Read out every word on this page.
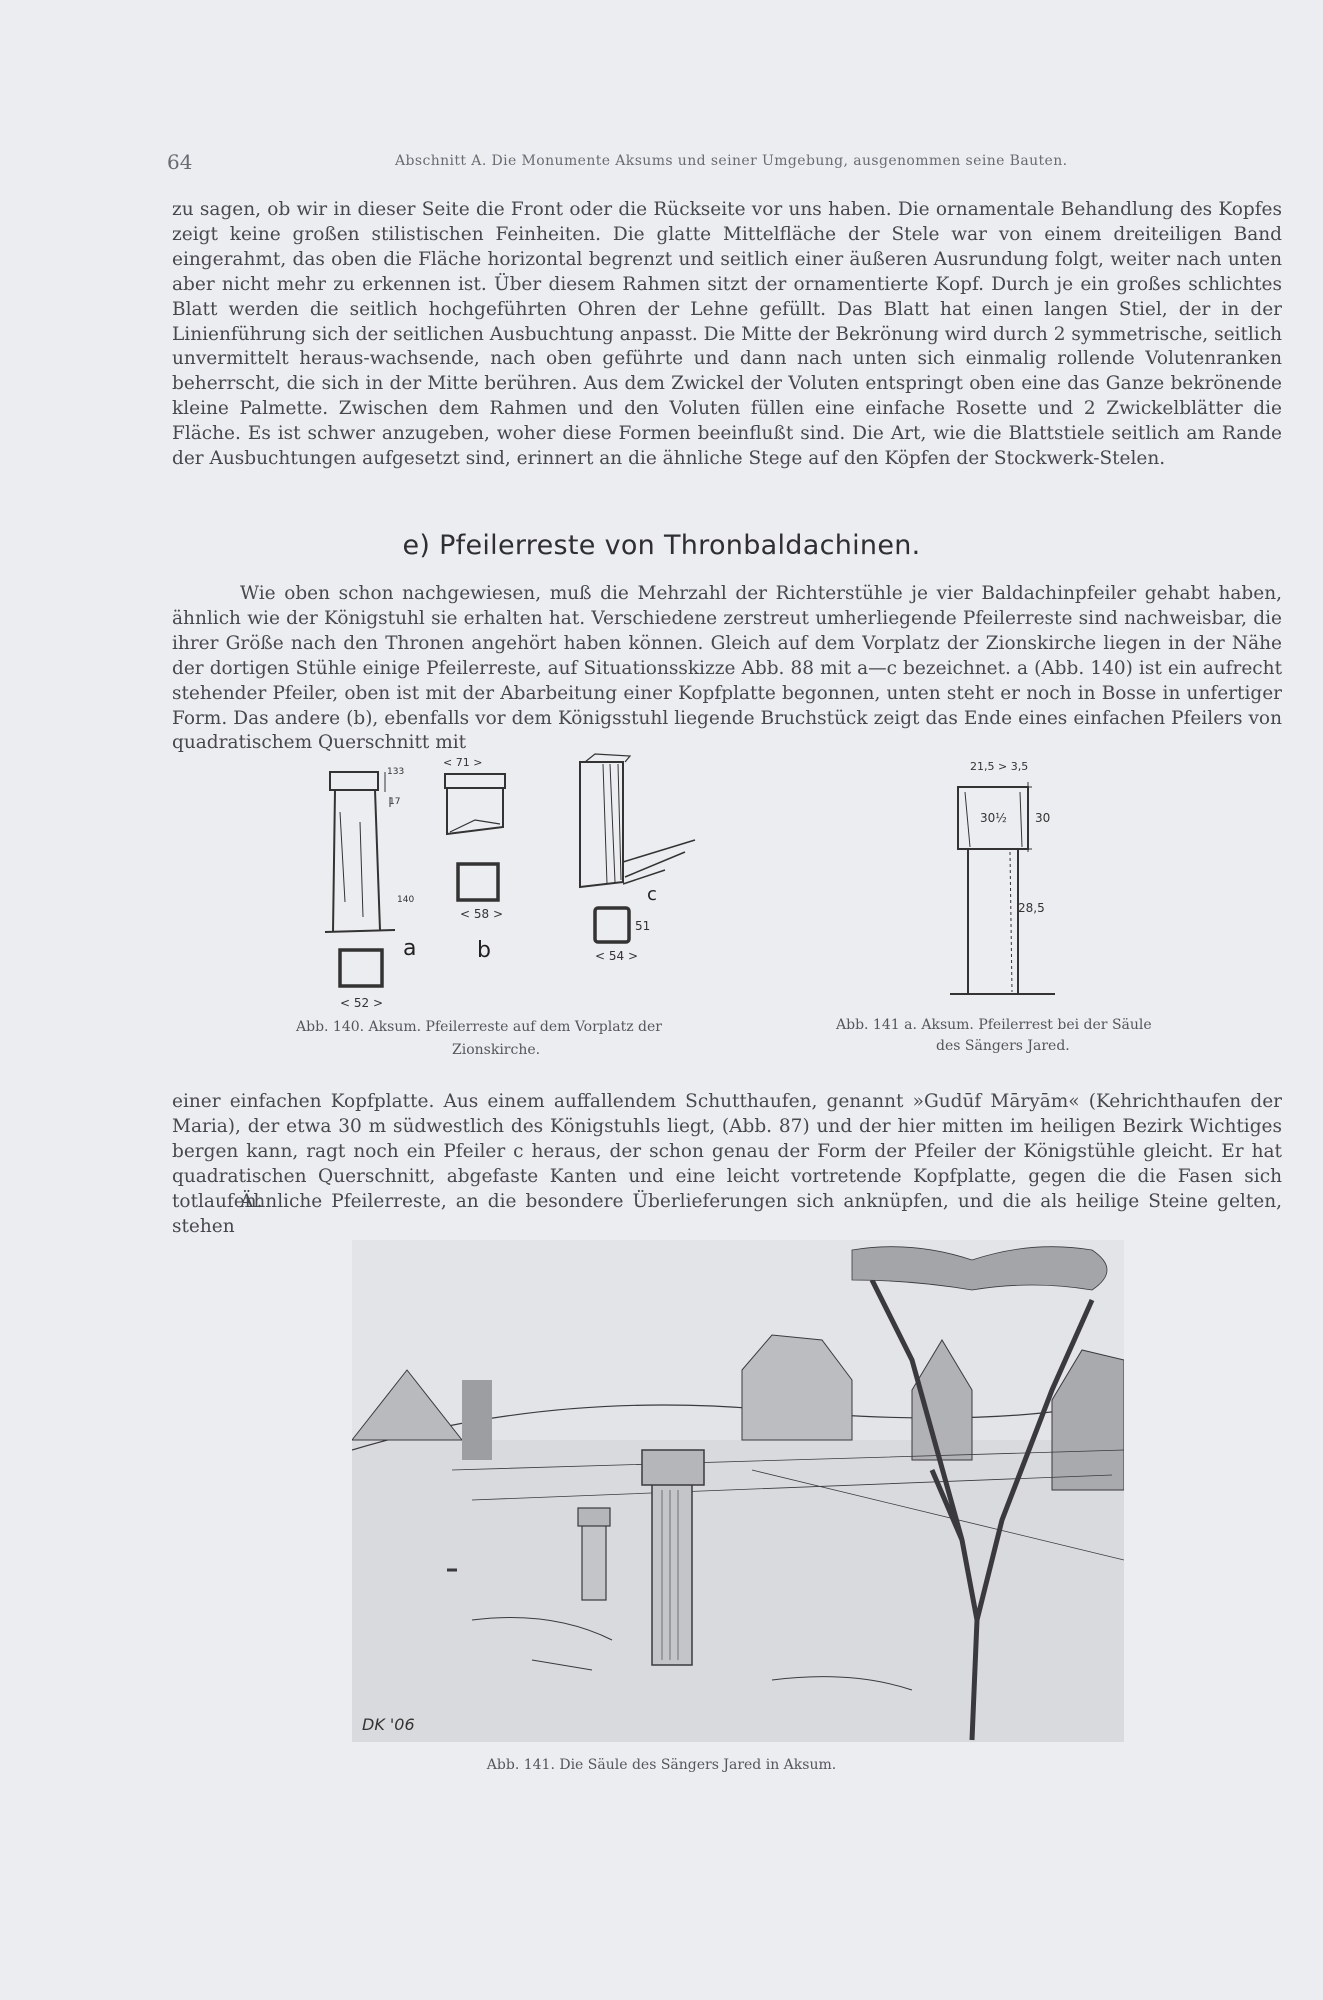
64	Abschnitt A. Die Monumente Aksums und seiner Umgebung, ausgenommen seine Bauten.
zu sagen, ob wir in dieser Seite die Front oder die Rückseite vor uns haben. Die ornamentale Behandlung des Kopfes zeigt keine großen stilistischen Feinheiten. Die glatte Mittelfläche der Stele war von einem dreiteiligen Band eingerahmt, das oben die Fläche horizontal begrenzt und seitlich einer äußeren Ausrundung folgt, weiter nach unten aber nicht mehr zu erkennen ist. Über diesem Rahmen sitzt der ornamentierte Kopf. Durch je ein großes schlichtes Blatt werden die seitlich hochgeführten Ohren der Lehne gefüllt. Das Blatt hat einen langen Stiel, der in der Linienführung sich der seitlichen Ausbuchtung anpasst. Die Mitte der Bekrönung wird durch 2 symmetrische, seitlich unvermittelt heraus-wachsende, nach oben geführte und dann nach unten sich einmalig rollende Volutenranken beherrscht, die sich in der Mitte berühren. Aus dem Zwickel der Voluten entspringt oben eine das Ganze bekrönende kleine Palmette. Zwischen dem Rahmen und den Voluten füllen eine einfache Rosette und 2 Zwickelblätter die Fläche. Es ist schwer anzugeben, woher diese Formen beeinflußt sind. Die Art, wie die Blattstiele seitlich am Rande der Ausbuchtungen aufgesetzt sind, erinnert an die ähnliche Stege auf den Köpfen der Stockwerk-Stelen.
e) Pfeilerreste von Thronbaldachinen.
Wie oben schon nachgewiesen, muß die Mehrzahl der Richterstühle je vier Baldachinpfeiler gehabt haben, ähnlich wie der Königstuhl sie erhalten hat. Verschiedene zerstreut umherliegende Pfeilerreste sind nachweisbar, die ihrer Größe nach den Thronen angehört haben können. Gleich auf dem Vorplatz der Zionskirche liegen in der Nähe der dortigen Stühle einige Pfeilerreste, auf Situationsskizze Abb. 88 mit a—c bezeichnet. a (Abb. 140) ist ein aufrecht stehender Pfeiler, oben ist mit der Abarbeitung einer Kopfplatte begonnen, unten steht er noch in Bosse in unfertiger Form. Das andere (b), ebenfalls vor dem Königsstuhl liegende Bruchstück zeigt das Ende eines einfachen Pfeilers von quadratischem Querschnitt mit
a	b
c
< 52 >
< 71 >
< 58 >
< 54 >
51
133
17
140
Abb. 140. Aksum. Pfeilerreste auf dem Vorplatz der
Zionskirche.
21,5 > 3,5
30½ 30
28,5
Abb. 141 a. Aksum. Pfeilerrest bei der Säule
des Sängers Jared.
einer einfachen Kopfplatte. Aus einem auffallendem Schutthaufen, genannt »Gudūf Māryām« (Kehrichthaufen der Maria), der etwa 30 m südwestlich des Königstuhls liegt, (Abb. 87) und der hier mitten im heiligen Bezirk Wichtiges bergen kann, ragt noch ein Pfeiler c heraus, der schon genau der Form der Pfeiler der Königstühle gleicht. Er hat quadratischen Querschnitt, abgefaste Kanten und eine leicht vortretende Kopfplatte, gegen die die Fasen sich totlaufen.
Ähnliche Pfeilerreste, an die besondere Überlieferungen sich anknüpfen, und die als heilige Steine gelten, stehen
DK '06
Abb. 141. Die Säule des Sängers Jared in Aksum.
